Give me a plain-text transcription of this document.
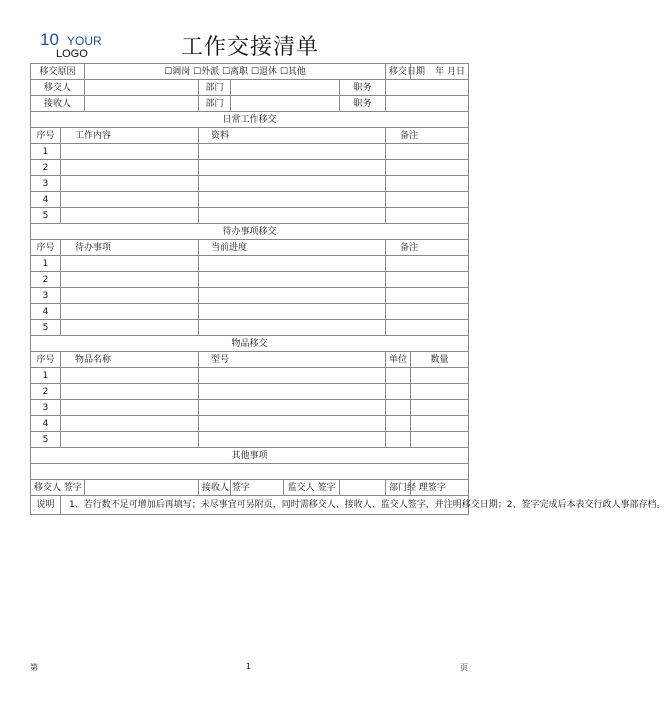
10 YOUR
LOGO	工作交接清单
移交原因		☐调岗 ☐外派 ☐离职 ☐退休 ☐其他					移交日期	年 月日
移交人			部门			职务		
接收人			部门			职务		
日常工作移交								
序号	工作内容		资料				备注	
1								
2								
3								
4								
5								
待办事项移交								
序号	待办事项		当前进度				备注	
1								
2								
3								
4								
5								
物品移交								
序号	物品名称		型号				单位	数量
1								
2								
3								
4								
5								
其他事项								

移交人 签字			接收人 签字		监交人 签字		部门经 理签字	
说明	1、若行数不足可增加后再填写；未尽事宜可另附页，同时需移交人、接收人、监交人签字，并注明移交日期；2、签字完成后本表交行政人事部存档。							
第	1	页
